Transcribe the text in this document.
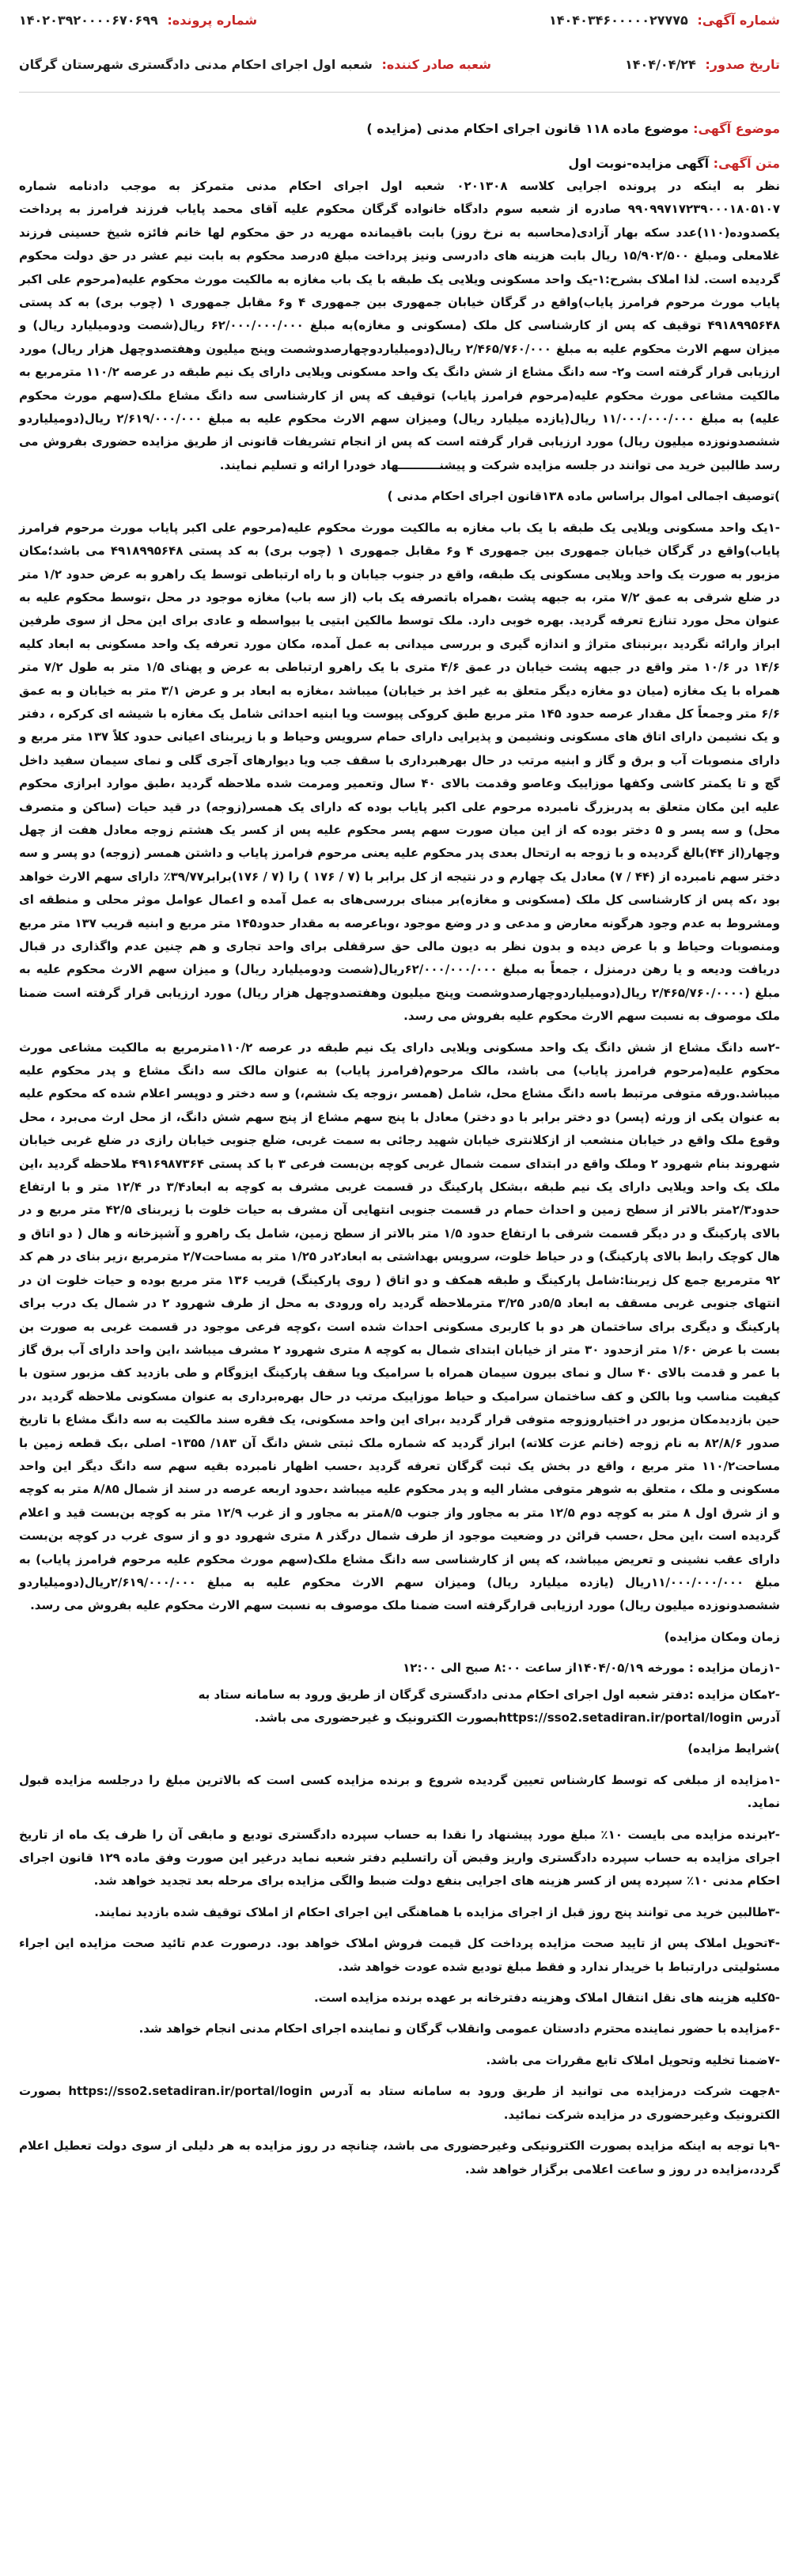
شماره آگهی: ۱۴۰۴۰۳۴۶۰۰۰۰۰۲۷۷۷۵
شماره پرونده: ۱۴۰۲۰۳۹۲۰۰۰۰۶۷۰۶۹۹
تاریخ صدور: ۱۴۰۴/۰۴/۲۴
شعبه صادر کننده: شعبه اول اجرای احکام مدنی دادگستری شهرستان گرگان
موضوع آگهی: موضوع ماده ۱۱۸ قانون اجرای احکام مدنی (مزایده )
متن آگهی: آگهی مزایده-نوبت اول

نظر به اینکه در پرونده اجرایی کلاسه ۰۲۰۱۳۰۸ شعبه اول اجرای احکام مدنی متمرکز به موجب دادنامه شماره ۹۹۰۹۹۷۱۷۲۳۹۰۰۰۱۸۰۵۱۰۷ صادره از شعبه سوم دادگاه خانواده گرگان محکوم علیه آقای محمد پایاب فرزند فرامرز به پرداخت یکصدوده(۱۱۰)عدد سکه بهار آزادی(محاسبه به نرخ روز) بابت باقیمانده مهریه در حق محکوم لها خانم فائزه شیخ حسینی فرزند غلامعلی ومبلغ ۱۵/۹۰۲/۵۰۰ ریال بابت هزینه های دادرسی ونیز پرداخت مبلغ ۵درصد محکوم به بابت نیم عشر در حق دولت محکوم گردیده است. لذا املاک بشرح:۱-یک واحد مسکونی ویلایی یک طبقه با یک باب مغازه به مالکیت مورث محکوم علیه(مرحوم علی اکبر پایاب مورث مرحوم فرامرز پایاب)واقع در گرگان خیابان جمهوری بین جمهوری ۴ و۶ مقابل جمهوری ۱ (چوب بری) به کد پستی ۴۹۱۸۹۹۵۶۴۸ توقیف که پس از کارشناسی کل ملک (مسکونی و مغازه)به مبلغ ۶۲/۰۰۰/۰۰۰/۰۰۰ ریال(شصت ودومیلیارد ریال) و میزان سهم الارث محکوم علیه به مبلغ ۲/۴۶۵/۷۶۰/۰۰۰ ریال(دومیلیاردوچهارصدوشصت وپنج میلیون وهفتصدوچهل هزار ریال) مورد ارزیابی قرار گرفته است و۲- سه دانگ مشاع از شش دانگ یک واحد مسکونی ویلایی دارای یک نیم طبقه در عرصه ۱۱۰/۲ مترمربع به مالکیت مشاعی مورث محکوم علیه(مرحوم فرامرز پایاب) توقیف که پس از کارشناسی سه دانگ مشاع ملک(سهم مورث محکوم علیه) به مبلغ ۱۱/۰۰۰/۰۰۰/۰۰۰ ریال(یازده میلیارد ریال) ومیزان سهم الارث محکوم علیه به مبلغ ۲/۶۱۹/۰۰۰/۰۰۰ ریال(دومیلیاردو ششصدونوزده میلیون ریال) مورد ارزیابی قرار گرفته است که پس از انجام تشریفات قانونی از طریق مزایده حضوری بفروش می رسد طالبین خرید می توانند در جلسه مزایده شرکت و پیشنــــــــــهاد خودرا ارائه و تسلیم نمایند.

)توصیف اجمالی اموال براساس ماده ۱۳۸قانون اجرای احکام مدنی )

-۱یک واحد مسکونی ویلایی یک طبقه با یک باب مغازه به مالکیت مورث محکوم علیه(مرحوم علی اکبر پایاب مورث مرحوم فرامرز پایاب)واقع در گرگان خیابان جمهوری بین جمهوری ۴ و۶ مقابل جمهوری ۱ (چوب بری) به کد پستی ۴۹۱۸۹۹۵۶۴۸ می باشد؛مکان مزبور به صورت یک واحد ویلایی مسکونی یک طبقه، واقع در جنوب جیابان و با راه ارتباطی توسط یک راهرو به عرض حدود ۱/۲ متر در ضلع شرقی به عمق ۷/۲ متر، به جبهه پشت ،همراه باتصرفه یک باب (از سه باب) مغازه موجود در محل ،توسط محکوم علیه به عنوان محل مورد تنازع تعرفه گردید. بهره خوبی دارد. ملک توسط مالکین ابتیی یا بیواسطه و عادی برای این محل از سوی طرفین ابراز وارائه نگردید ،برنبنای متراژ و اندازه گیری و بررسی میدانی به عمل آمده، مکان مورد تعرفه یک واحد مسکونی به ابعاد کلیه ۱۴/۶ در ۱۰/۶ متر واقع در جبهه پشت خیابان در عمق ۴/۶ متری با یک راهرو ارتباطی به عرض و پهنای ۱/۵ متر به طول ۷/۲ متر همراه با یک مغازه (میان دو مغازه دیگر متعلق به غیر اخذ بر خیابان) میباشد ،مغازه به ابعاد بر و عرض ۳/۱ متر به خیابان و به عمق ۶/۶ متر وجمعاً کل مقدار عرصه حدود ۱۴۵ متر مربع طبق کروکی پیوست ویا ابنیه احداثی شامل یک مغازه با شیشه ای کرکره ، دفتر و یک نشیمن دارای اتاق های مسکونی ونشیمن و پذیرایی دارای حمام سرویس وحیاط و با زیربنای اعیانی حدود کلاً ۱۳۷ متر مربع و دارای منصوبات آب و برق و گاز و ابنیه مرتب در حال بهرهبرداری با سقف جب ویا دیوارهای آجری گلی و نمای سیمان سفید داخل گچ و تا یکمتر کاشی وکفها موزاییک وعاصو وقدمت بالای ۴۰ سال وتعمیر ومرمت شده ملاحظه گردید ،طبق موارد ابرازی محکوم علیه این مکان متعلق به پدربزرگ نامبرده مرحوم علی اکبر پایاب بوده که دارای یک همسر(زوجه) در قید حیات (ساکن و متصرف محل) و سه پسر و ۵ دختر بوده که از این میان صورت سهم پسر محکوم علیه پس از کسر یک هشتم زوجه معادل هفت از چهل وچهار(از ۴۴)بالغ گردیده و با زوجه به ارتحال بعدی پدر محکوم علیه یعنی مرحوم فرامرز پایاب و داشتن همسر (زوجه) دو پسر و سه دختر سهم نامبرده از (۴۴ / ۷) معادل یک چهارم و در نتیجه از کل برابر با (۷ / ۱۷۶ ) را (۷ / ۱۷۶)برابر۳۹/۷۷٪ دارای سهم الارث خواهد بود ،که پس از کارشناسی کل ملک (مسکونی و مغازه)بر مبنای بررسی‌های به عمل آمده و اعمال عوامل موثر محلی و منطقه ای ومشروط به عدم وجود هرگونه معارض و مدعی و در وضع موجود ،وباعرصه به مقدار حدود۱۴۵ متر مربع و ابنیه قریب ۱۳۷ متر مربع ومنصوبات وحیاط و با عرض دیده و بدون نظر به دیون مالی حق سرقفلی برای واحد تجاری و هم چنین عدم واگذاری در قبال دریافت ودیعه و یا رهن درمنزل ، جمعاً به مبلغ ۶۲/۰۰۰/۰۰۰/۰۰۰ریال(شصت ودومیلیارد ریال) و میزان سهم الارث محکوم علیه به مبلغ (۲/۴۶۵/۷۶۰/۰۰۰۰ ریال(دومیلیاردوچهارصدوشصت وپنج میلیون وهفتصدوچهل هزار ریال) مورد ارزیابی قرار گرفته است ضمنا ملک موصوف به نسبت سهم الارث محکوم علیه بفروش می رسد.

-۲سه دانگ مشاع از شش دانگ یک واحد مسکونی ویلایی دارای یک نیم طبقه در عرصه ۱۱۰/۲مترمربع به مالکیت مشاعی مورث محکوم علیه(مرحوم فرامرز پایاب) می باشد، مالک مرحوم(فرامرز پایاب) به عنوان مالک سه دانگ مشاع و پدر محکوم علیه میباشد.ورقه متوفی مرتبط باسه دانگ مشاع محل، شامل (همسر ،زوجه یک ششم،) و سه دختر و دوپسر اعلام شده که محکوم علیه به عنوان یکی از ورثه (پسر) دو دختر برابر با دو دختر) معادل با پنج سهم مشاع از پنج سهم شش دانگ، از محل ارث می‌برد ، محل وقوع ملک واقع در خیابان منشعب از ازکلانتری خیابان شهید رجائی به سمت غربی، ضلع جنوبی خیابان رازی در ضلع غربی خیابان شهروند بنام شهرود ۲ وملک واقع در ابتدای سمت شمال غربی کوچه بن‌بست فرعی ۳ با کد پستی ۴۹۱۶۹۸۷۳۶۴ ملاحظه گردید ،این ملک یک واحد ویلایی دارای یک نیم طبقه ،بشکل پارکینگ در قسمت غربی مشرف به کوچه به ابعاد۳/۴ در ۱۲/۴ متر و با ارتفاع حدود۲/۳متر بالاتر از سطح زمین و احداث حمام در قسمت جنوبی انتهایی آن مشرف به حیات خلوت با زیربنای ۴۲/۵ متر مربع و در بالای پارکینگ و در دیگر قسمت شرقی با ارتفاع حدود ۱/۵ متر بالاتر از سطح زمین، شامل یک راهرو و آشپزخانه و هال ( دو اتاق و هال کوچک رابط بالای پارکینگ) و در حیاط خلوت، سرویس بهداشتی به ابعاد۲در ۱/۲۵ متر به مساحت۲/۷ مترمربع ،زیر بنای در هم کد ۹۲ مترمربع جمع کل زیربنا:شامل پارکینگ و طبقه همکف و دو اتاق ( روی پارکینگ) قریب ۱۳۶ متر مربع بوده و حیات خلوت ان در انتهای جنوبی غربی مسقف به ابعاد ۵/۵در ۳/۲۵ مترملاحظه گردید راه ورودی به محل از طرف شهرود ۲ در شمال یک درب برای پارکینگ و دیگری برای ساختمان هر دو با کاربری مسکونی احداث شده است ،کوچه فرعی موجود در قسمت غربی به صورت بن بست با عرض ۱/۶۰ متر ازحدود ۳۰ متر از خیابان ابتدای شمال به کوچه ۸ متری شهرود ۲ مشرف میباشد ،این واحد دارای آب برق گاز با عمر و قدمت بالای ۴۰ سال و نمای بیرون سیمان همراه با سرامیک ویا سقف پارکینگ ایزوگام و طی بازدید کف مزبور ستون با کیفیت مناسب وبا بالکن و کف ساختمان سرامیک و حیاط موزاییک مرتب در حال بهره‌برداری به عنوان مسکونی ملاحظه گردید ،در حین بازدیدمکان مزبور در اختیاروزوجه متوفی قرار گردید ،برای این واحد مسکونی، یک فقره سند مالکیت به سه دانگ مشاع با تاریخ صدور ۸۲/۸/۶ به نام زوجه (خانم عزت کلاته) ابراز گردید که شماره ملک ثبتی شش دانگ آن ۱۸۳/ ۱۳۵۵- اصلی ،بک قطعه زمین با مساحت۱۱۰/۲ متر مربع ، واقع در بخش یک ثبت گرگان تعرفه گردید ،حسب اظهار نامبرده بقیه سهم سه دانگ دیگر این واحد مسکونی و ملک ، متعلق به شوهر متوفی مشار الیه و پدر محکوم علیه میباشد ،حدود اربعه عرصه در سند از شمال ۸/۸۵ متر به کوچه و از شرق اول ۸ متر به کوچه دوم ۱۲/۵ متر به مجاور واز جنوب ۸/۵متر به مجاور و از غرب ۱۲/۹ متر به کوچه بن‌بست قید و اعلام گردیده است ،این محل ،حسب قرائن در وضعیت موجود از طرف شمال درگذر ۸ متری شهرود دو و از سوی غرب در کوچه بن‌بست دارای عقب نشینی و تعریض میباشد، که پس از کارشناسی سه دانگ مشاع ملک(سهم مورث محکوم علیه مرحوم فرامرز پایاب) به مبلغ ۱۱/۰۰۰/۰۰۰/۰۰۰ریال (یازده میلیارد ریال) ومیزان سهم الارث محکوم علیه به مبلغ ۲/۶۱۹/۰۰۰/۰۰۰ریال(دومیلیاردو ششصدونوزده میلیون ریال) مورد ارزیابی قرارگرفته است ضمنا ملک موصوف به نسبت سهم الارث محکوم علیه بفروش می رسد.

زمان ومکان مزایده)

-۱زمان مزایده : مورخه ۱۴۰۴/۰۵/۱۹از ساعت ۸:۰۰ صبح الی ۱۲:۰۰

-۲مکان مزایده :دفتر شعبه اول اجرای احکام مدنی دادگستری گرگان از طریق ورود به سامانه ستاد به
آدرس https://sso2.setadiran.ir/portal/loginبصورت الکترونیک و غیرحضوری می باشد.

)شرایط مزایده)

-۱مزایده از مبلغی که توسط کارشناس تعیین گردیده شروع و برنده مزایده کسی است که بالاترین مبلغ را درجلسه مزایده قبول نماید.

-۲برنده مزایده می بایست ۱۰٪ مبلغ مورد پیشنهاد را نقدا به حساب سپرده دادگستری تودیع و مابقی آن را ظرف یک ماه از تاریخ اجرای مزایده به حساب سپرده دادگستری واریز وقبض آن راتسلیم دفتر شعبه نماید درغیر این صورت وفق ماده ۱۲۹ قانون اجرای احکام مدنی ۱۰٪ سپرده پس از کسر هزینه های اجرایی بنفع دولت ضبط والگی مزایده برای مرحله بعد تجدید خواهد شد.

-۳طالبین خرید می توانند پنج روز قبل از اجرای مزایده با هماهنگی این اجرای احکام از املاک توقیف شده بازدید نمایند.

-۴تحویل املاک پس از تایید صحت مزایده پرداخت کل قیمت فروش املاک خواهد بود. درصورت عدم تائید صحت مزایده این اجراء مسئولیتی درارتباط با خریدار ندارد و فقط مبلغ تودیع شده عودت خواهد شد.

-۵کلیه هزینه های نقل انتقال املاک وهزینه دفترخانه بر عهده برنده مزایده است.

-۶مزایده با حضور نماینده محترم دادستان عمومی وانقلاب گرگان و نماینده اجرای احکام مدنی انجام خواهد شد.

-۷ضمنا تخلیه وتحویل املاک تابع مقررات می باشد.

-۸جهت شرکت درمزایده می توانید از طریق ورود به سامانه ستاد به آدرس https://sso2.setadiran.ir/portal/login بصورت الکترونیک وغیرحضوری در مزایده شرکت نمائید.

-۹با توجه به اینکه مزایده بصورت الکترونیکی وغیرحضوری می باشد، چنانچه در روز مزایده به هر دلیلی از سوی دولت تعطیل اعلام گردد،مزایده در روز و ساعت اعلامی برگزار خواهد شد.
